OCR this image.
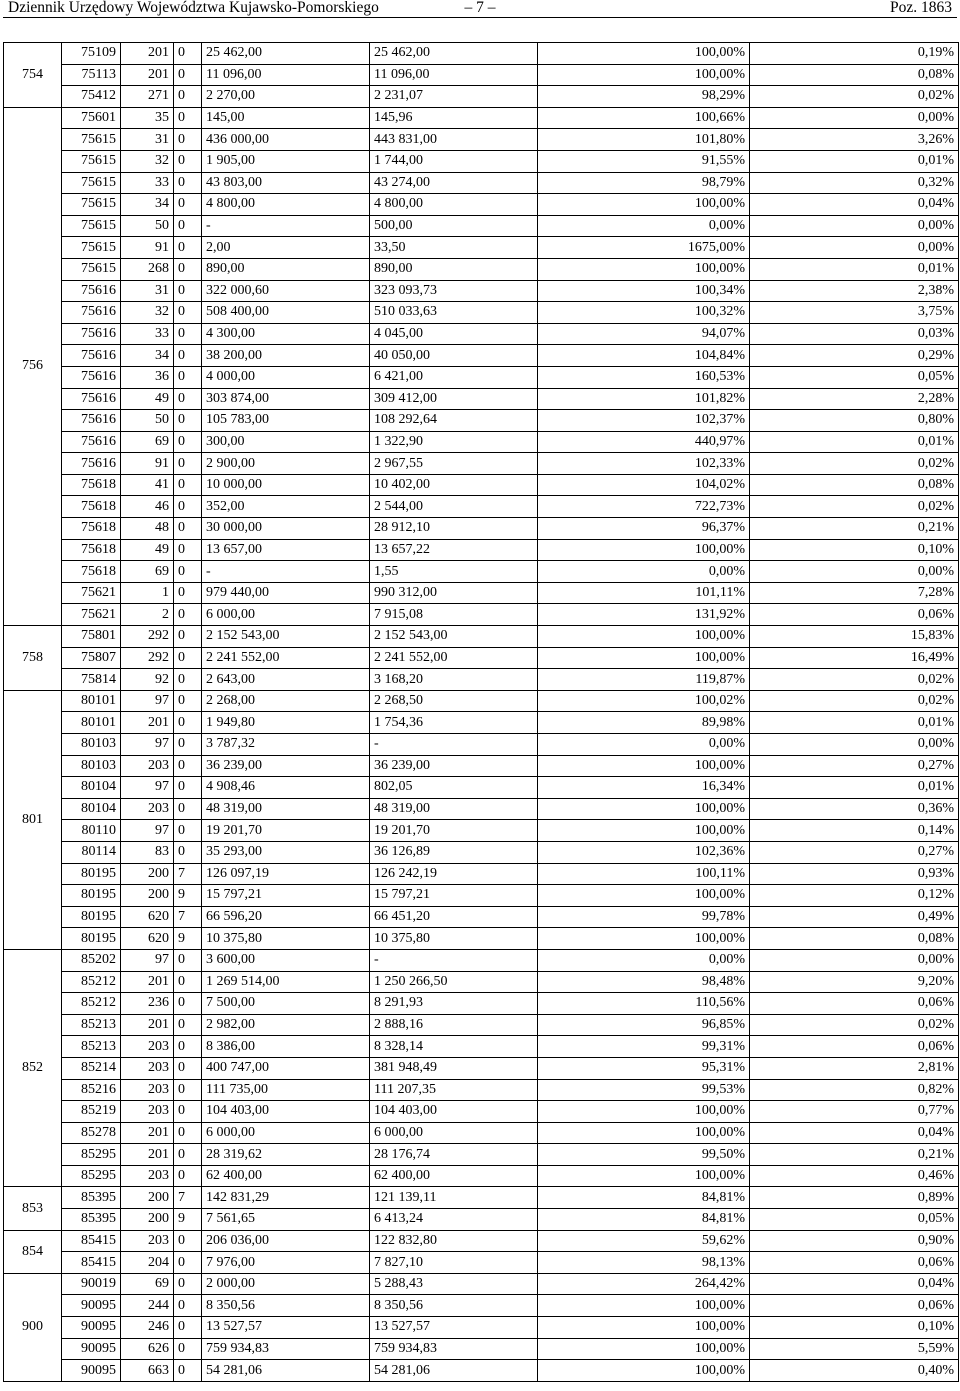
Dziennik Urzędowy Województwa Kujawsko-Pomorskiego	– 7 –	Poz. 1863
754	75109	201	0	25 462,00	25 462,00	100,00%	0,19%
	75113	201	0	11 096,00	11 096,00	100,00%	0,08%
	75412	271	0	2 270,00	2 231,07	98,29%	0,02%
756	75601	35	0	145,00	145,96	100,66%	0,00%
	75615	31	0	436 000,00	443 831,00	101,80%	3,26%
	75615	32	0	1 905,00	1 744,00	91,55%	0,01%
	75615	33	0	43 803,00	43 274,00	98,79%	0,32%
	75615	34	0	4 800,00	4 800,00	100,00%	0,04%
	75615	50	0	-	500,00	0,00%	0,00%
	75615	91	0	2,00	33,50	1675,00%	0,00%
	75615	268	0	890,00	890,00	100,00%	0,01%
	75616	31	0	322 000,60	323 093,73	100,34%	2,38%
	75616	32	0	508 400,00	510 033,63	100,32%	3,75%
	75616	33	0	4 300,00	4 045,00	94,07%	0,03%
	75616	34	0	38 200,00	40 050,00	104,84%	0,29%
	75616	36	0	4 000,00	6 421,00	160,53%	0,05%
	75616	49	0	303 874,00	309 412,00	101,82%	2,28%
	75616	50	0	105 783,00	108 292,64	102,37%	0,80%
	75616	69	0	300,00	1 322,90	440,97%	0,01%
	75616	91	0	2 900,00	2 967,55	102,33%	0,02%
	75618	41	0	10 000,00	10 402,00	104,02%	0,08%
	75618	46	0	352,00	2 544,00	722,73%	0,02%
	75618	48	0	30 000,00	28 912,10	96,37%	0,21%
	75618	49	0	13 657,00	13 657,22	100,00%	0,10%
	75618	69	0	-	1,55	0,00%	0,00%
	75621	1	0	979 440,00	990 312,00	101,11%	7,28%
	75621	2	0	6 000,00	7 915,08	131,92%	0,06%
758	75801	292	0	2 152 543,00	2 152 543,00	100,00%	15,83%
	75807	292	0	2 241 552,00	2 241 552,00	100,00%	16,49%
	75814	92	0	2 643,00	3 168,20	119,87%	0,02%
801	80101	97	0	2 268,00	2 268,50	100,02%	0,02%
	80101	201	0	1 949,80	1 754,36	89,98%	0,01%
	80103	97	0	3 787,32	-	0,00%	0,00%
	80103	203	0	36 239,00	36 239,00	100,00%	0,27%
	80104	97	0	4 908,46	802,05	16,34%	0,01%
	80104	203	0	48 319,00	48 319,00	100,00%	0,36%
	80110	97	0	19 201,70	19 201,70	100,00%	0,14%
	80114	83	0	35 293,00	36 126,89	102,36%	0,27%
	80195	200	7	126 097,19	126 242,19	100,11%	0,93%
	80195	200	9	15 797,21	15 797,21	100,00%	0,12%
	80195	620	7	66 596,20	66 451,20	99,78%	0,49%
	80195	620	9	10 375,80	10 375,80	100,00%	0,08%
852	85202	97	0	3 600,00	-	0,00%	0,00%
	85212	201	0	1 269 514,00	1 250 266,50	98,48%	9,20%
	85212	236	0	7 500,00	8 291,93	110,56%	0,06%
	85213	201	0	2 982,00	2 888,16	96,85%	0,02%
	85213	203	0	8 386,00	8 328,14	99,31%	0,06%
	85214	203	0	400 747,00	381 948,49	95,31%	2,81%
	85216	203	0	111 735,00	111 207,35	99,53%	0,82%
	85219	203	0	104 403,00	104 403,00	100,00%	0,77%
	85278	201	0	6 000,00	6 000,00	100,00%	0,04%
	85295	201	0	28 319,62	28 176,74	99,50%	0,21%
	85295	203	0	62 400,00	62 400,00	100,00%	0,46%
853	85395	200	7	142 831,29	121 139,11	84,81%	0,89%
	85395	200	9	7 561,65	6 413,24	84,81%	0,05%
854	85415	203	0	206 036,00	122 832,80	59,62%	0,90%
	85415	204	0	7 976,00	7 827,10	98,13%	0,06%
900	90019	69	0	2 000,00	5 288,43	264,42%	0,04%
	90095	244	0	8 350,56	8 350,56	100,00%	0,06%
	90095	246	0	13 527,57	13 527,57	100,00%	0,10%
	90095	626	0	759 934,83	759 934,83	100,00%	5,59%
	90095	663	0	54 281,06	54 281,06	100,00%	0,40%
